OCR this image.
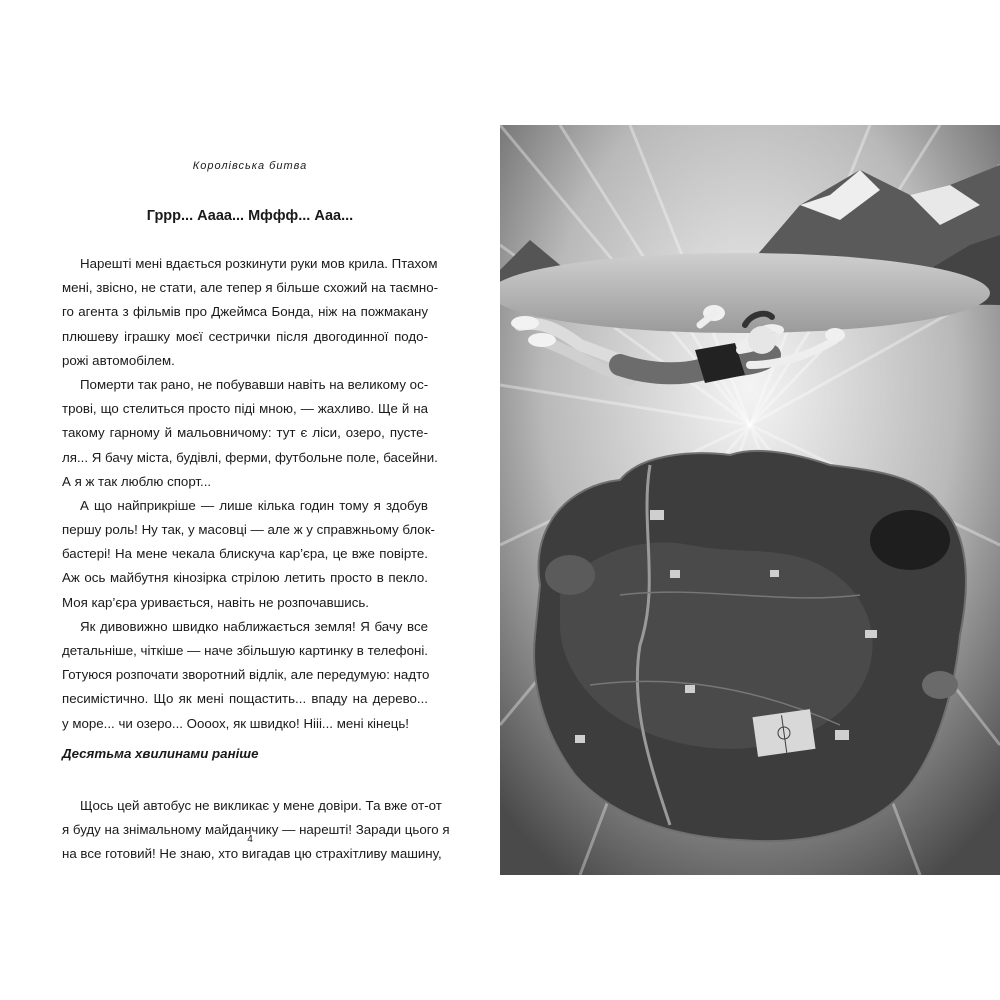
Королівська битва
Гррр... Аааа... Мффф... Ааа...
Нарешті мені вдається розкинути руки мов крила. Птахом
мені, звісно, не стати, але тепер я більше схожий на таємно-
го агента з фільмів про Джеймса Бонда, ніж на пожмакану
плюшеву іграшку моєї сестрички після двогодинної подо-
рожі автомобілем.
Померти так рано, не побувавши навіть на великому ос-
трові, що стелиться просто піді мною, — жахливо. Ще й на
такому гарному й мальовничому: тут є ліси, озеро, пусте-
ля... Я бачу міста, будівлі, ферми, футбольне поле, басейни.
А я ж так люблю спорт...
А що найприкріше — лише кілька годин тому я здобув
першу роль! Ну так, у масовці — але ж у справжньому блок-
бастері! На мене чекала блискуча кар’єра, це вже повірте.
Аж ось майбутня кінозірка стрілою летить просто в пекло.
Моя кар’єра уривається, навіть не розпочавшись.
Як дивовижно швидко наближається земля! Я бачу все
детальніше, чіткіше — наче збільшую картинку в телефоні.
Готуюся розпочати зворотний відлік, але передумую: надто
песимістично. Що як мені пощастить... впаду на дерево...
у море... чи озеро... Оооох, як швидко! Нііі... мені кінець!
Десятьма хвилинами раніше
Щось цей автобус не викликає у мене довіри. Та вже от-от
я буду на знімальному майданчику — нарешті! Заради цього я
на все готовий! Не знаю, хто вигадав цю страхітливу машину,
4
